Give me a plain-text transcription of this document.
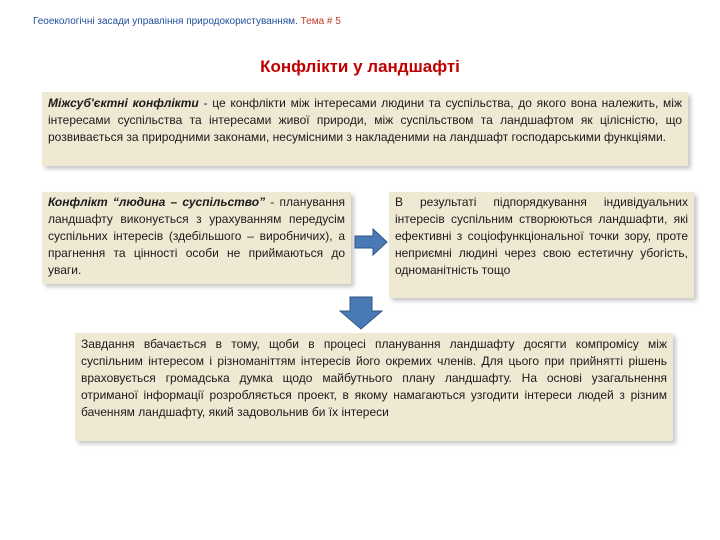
Геоекологічні засади управління природокористуванням. Тема # 5
Конфлікти у ландшафті
Міжсуб'єктні конфлікти - це конфлікти між інтересами людини та суспільства, до якого вона належить, між інтересами суспільства та інтересами живої природи, між суспільством та ландшафтом як цілісністю, що розвивається за природними законами, несумісними з накладеними на ландшафт господарськими функціями.
Конфлікт “людина – суспільство” - планування ландшафту виконується з урахуванням передусім суспільних інтересів (здебільшого – виробничих), а прагнення та цінності особи не приймаються до уваги.
В результаті підпорядкування індивідуальних інтересів суспільним створюються ландшафти, які ефективні з соціофункціональної точки зору, проте неприємні людині через свою естетичну убогість, одноманітність тощо
Завдання вбачається в тому, щоби в процесі планування ландшафту досягти компромісу між суспільним інтересом і різноманіттям інтересів його окремих членів. Для цього при прийнятті рішень враховується громадська думка щодо майбутнього плану ландшафту. На основі узагальнення отриманої інформації розробляється проект, в якому намагаються узгодити інтереси людей з різним баченням ландшафту, який задовольнив би їх інтереси
